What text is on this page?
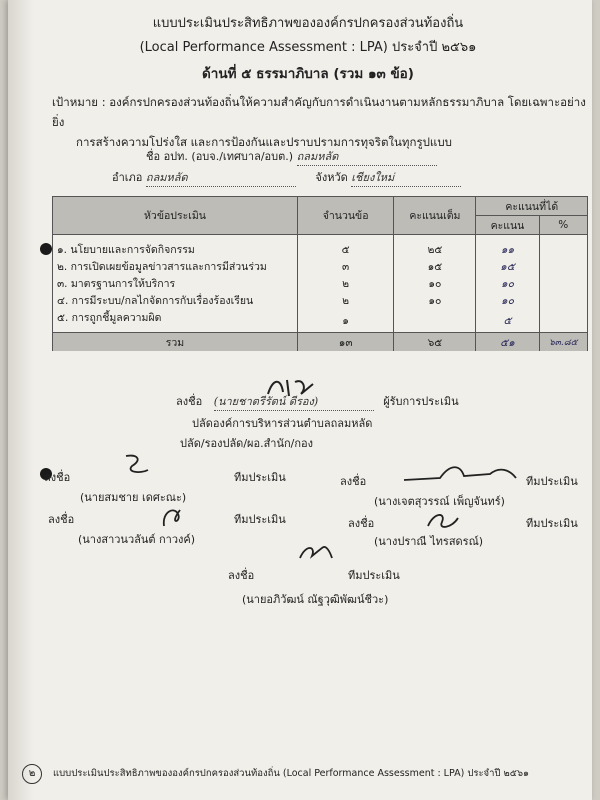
แบบประเมินประสิทธิภาพขององค์กรปกครองส่วนท้องถิ่น
(Local Performance Assessment : LPA) ประจำปี ๒๕๖๑
ด้านที่ ๕ ธรรมาภิบาล (รวม ๑๓ ข้อ)
เป้าหมาย : องค์กรปกครองส่วนท้องถิ่นให้ความสำคัญกับการดำเนินงานตามหลักธรรมาภิบาล โดยเฉพาะอย่างยิ่ง
การสร้างความโปร่งใส และการป้องกันและปราบปรามการทุจริตในทุกรูปแบบ
ชื่อ อปท. (อบจ./เทศบาล/อบต.) ถลมหลัด
อำเภอ ถลมหลัด	จังหวัด เชียงใหม่
หัวข้อประเมิน	จำนวนข้อ	คะแนนเต็ม	คะแนนที่ได้	
			คะแนน	%
๑. นโยบายและการจัดกิจกรรม	๕	๒๕	๑๑	
๒. การเปิดเผยข้อมูลข่าวสารและการมีส่วนร่วม	๓	๑๕	๑๕	
๓. มาตรฐานการให้บริการ	๒	๑๐	๑๐	
๔. การมีระบบ/กลไกจัดการกับเรื่องร้องเรียน	๒	๑๐	๑๐	
๕. การถูกชี้มูลความผิด	๑		๕	
รวม	๑๓	๖๕	๕๑	๖๓.๘๕
ลงชื่อ (นายชาตรีรัตน์ ดีรอง)	ผู้รับการประเมิน
ปลัดองค์การบริหารส่วนตำบลถลมหลัด
ปลัด/รองปลัด/ผอ.สำนัก/กอง
ลงชื่อ	ทีมประเมิน
(นายสมชาย เดศะณะ)
ลงชื่อ	ทีมประเมิน
(นางเจตสุวรรณ์ เพ็ญจันทร์)
ลงชื่อ	ทีมประเมิน
(นางสาวนวลันต์ กาวงค์)
ลงชื่อ	ทีมประเมิน
(นางปราณี ไทรสดรณ์)
ลงชื่อ	ทีมประเมิน
(นายอภิวัฒน์ ณัฐวุฒิพัฒน์ชีวะ)
๒ แบบประเมินประสิทธิภาพขององค์กรปกครองส่วนท้องถิ่น (Local Performance Assessment : LPA) ประจำปี ๒๕๖๑
